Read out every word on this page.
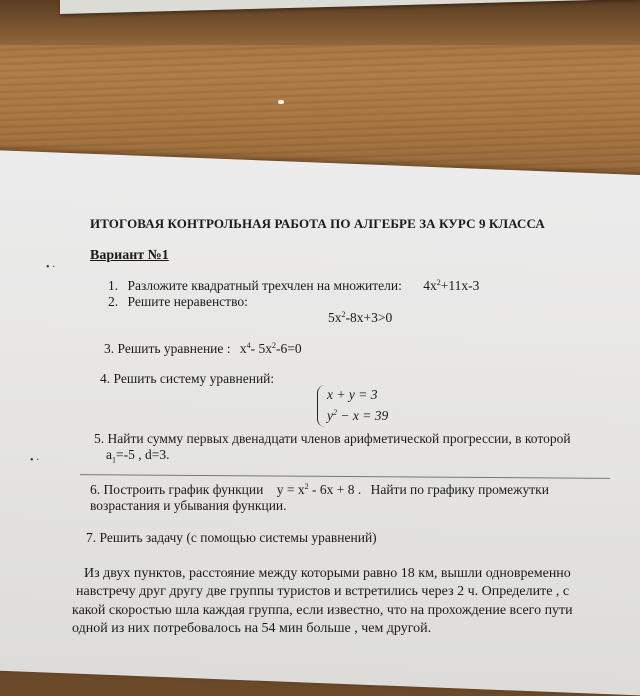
ИТОГОВАЯ КОНТРОЛЬНАЯ РАБОТА ПО АЛГЕБРЕ ЗА КУРС 9 КЛАССА
• ·
Вариант №1
1. Разложите квадратный трехчлен на множители: $4x^2+11x-3$
2. Решите неравенство:
$5x^2-8x+3>0$
3. Решить уравнение : $x^4-$ $5x^2-6=0$
4. Решить систему уравнений:
x + y = 3
$y^2 - x = 39$
5. Найти сумму первых двенадцати членов арифметической прогрессии, в которой
• ·	$a_1=-5$ , d=3.
6. Построить график функции $y = x^2 - 6x + 8$ . Найти по графику промежутки
возрастания и убывания функции.
7. Решить задачу (с помощью системы уравнений)
Из двух пунктов, расстояние между которыми равно 18 км, вышли одновременно
навстречу друг другу две группы туристов и встретились через 2 ч. Определите , с
какой скоростью шла каждая группа, если известно, что на прохождение всего пути
одной из них потребовалось на 54 мин больше , чем другой.
